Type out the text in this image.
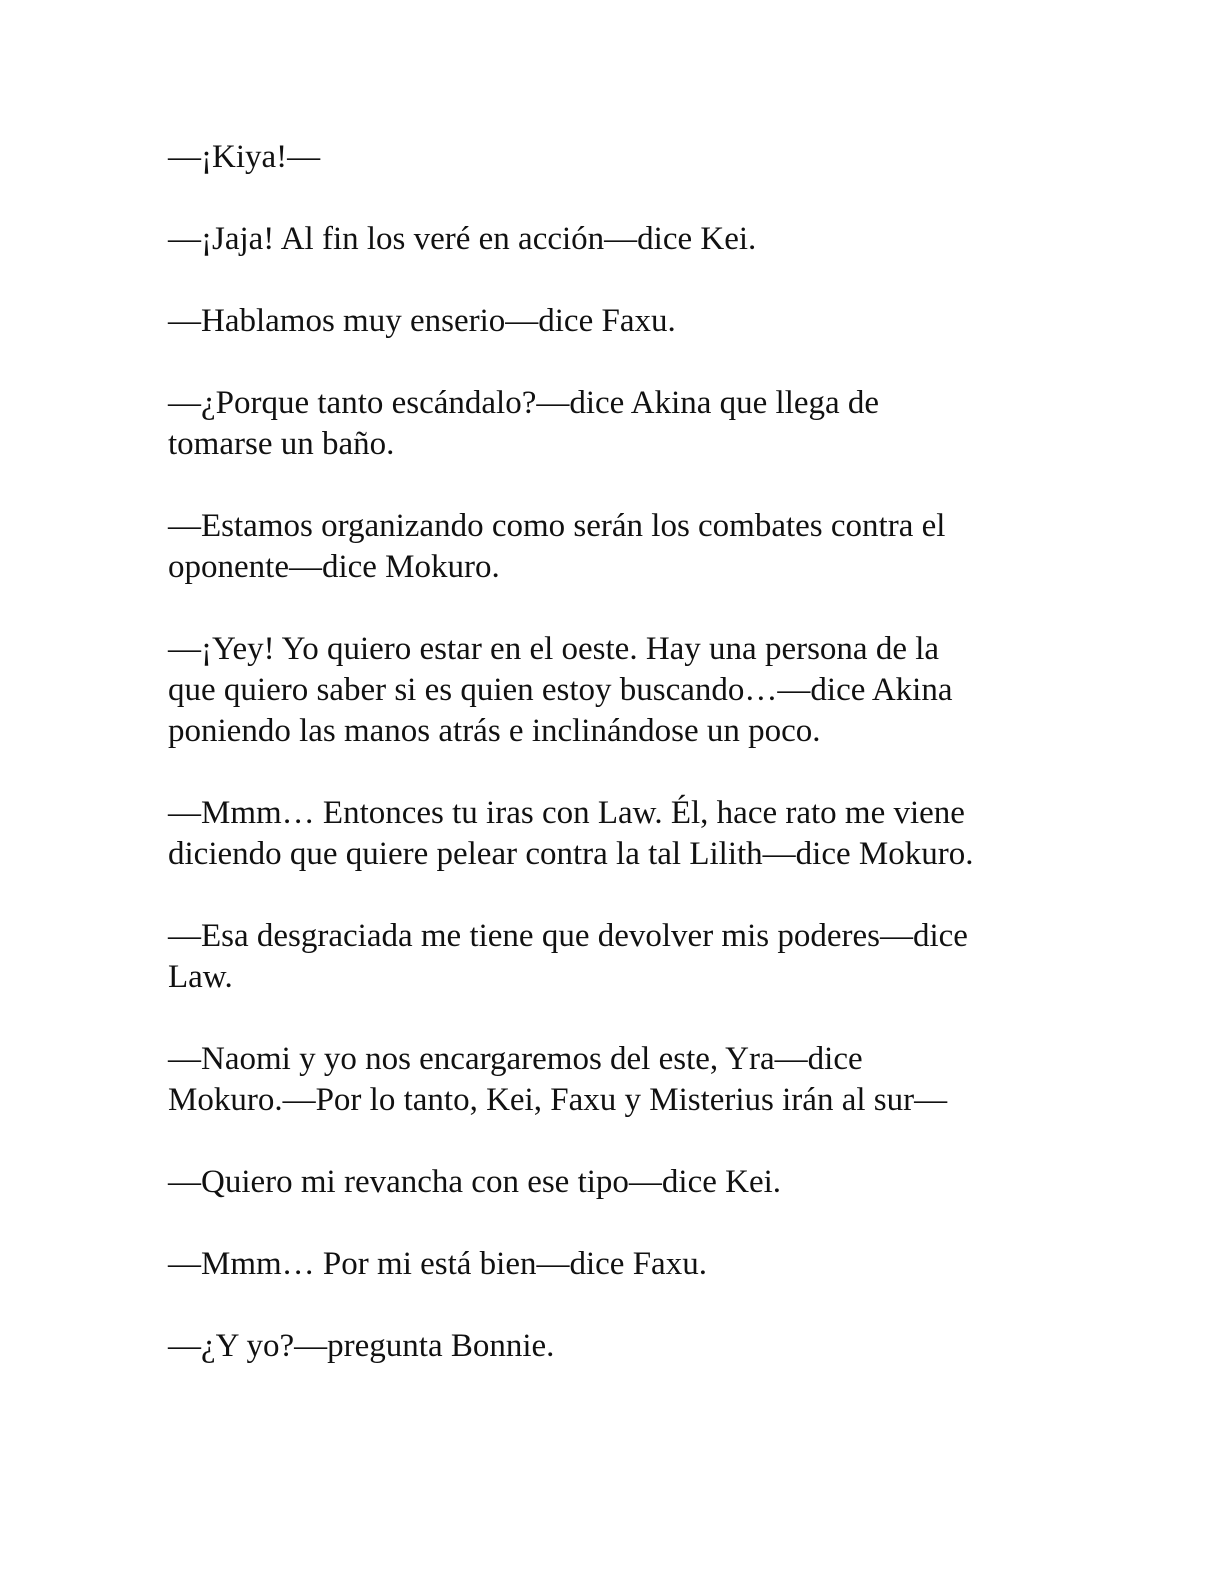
—¡Kiya!—

—¡Jaja! Al fin los veré en acción—dice Kei.

—Hablamos muy enserio—dice Faxu.

—¿Porque tanto escándalo?—dice Akina que llega de
tomarse un baño.

—Estamos organizando como serán los combates contra el
oponente—dice Mokuro.

—¡Yey! Yo quiero estar en el oeste. Hay una persona de la
que quiero saber si es quien estoy buscando…—dice Akina
poniendo las manos atrás e inclinándose un poco.

—Mmm… Entonces tu iras con Law. Él, hace rato me viene
diciendo que quiere pelear contra la tal Lilith—dice Mokuro.

—Esa desgraciada me tiene que devolver mis poderes—dice
Law.

—Naomi y yo nos encargaremos del este, Yra—dice
Mokuro.—Por lo tanto, Kei, Faxu y Misterius irán al sur—

—Quiero mi revancha con ese tipo—dice Kei.

—Mmm… Por mi está bien—dice Faxu.

—¿Y yo?—pregunta Bonnie.
